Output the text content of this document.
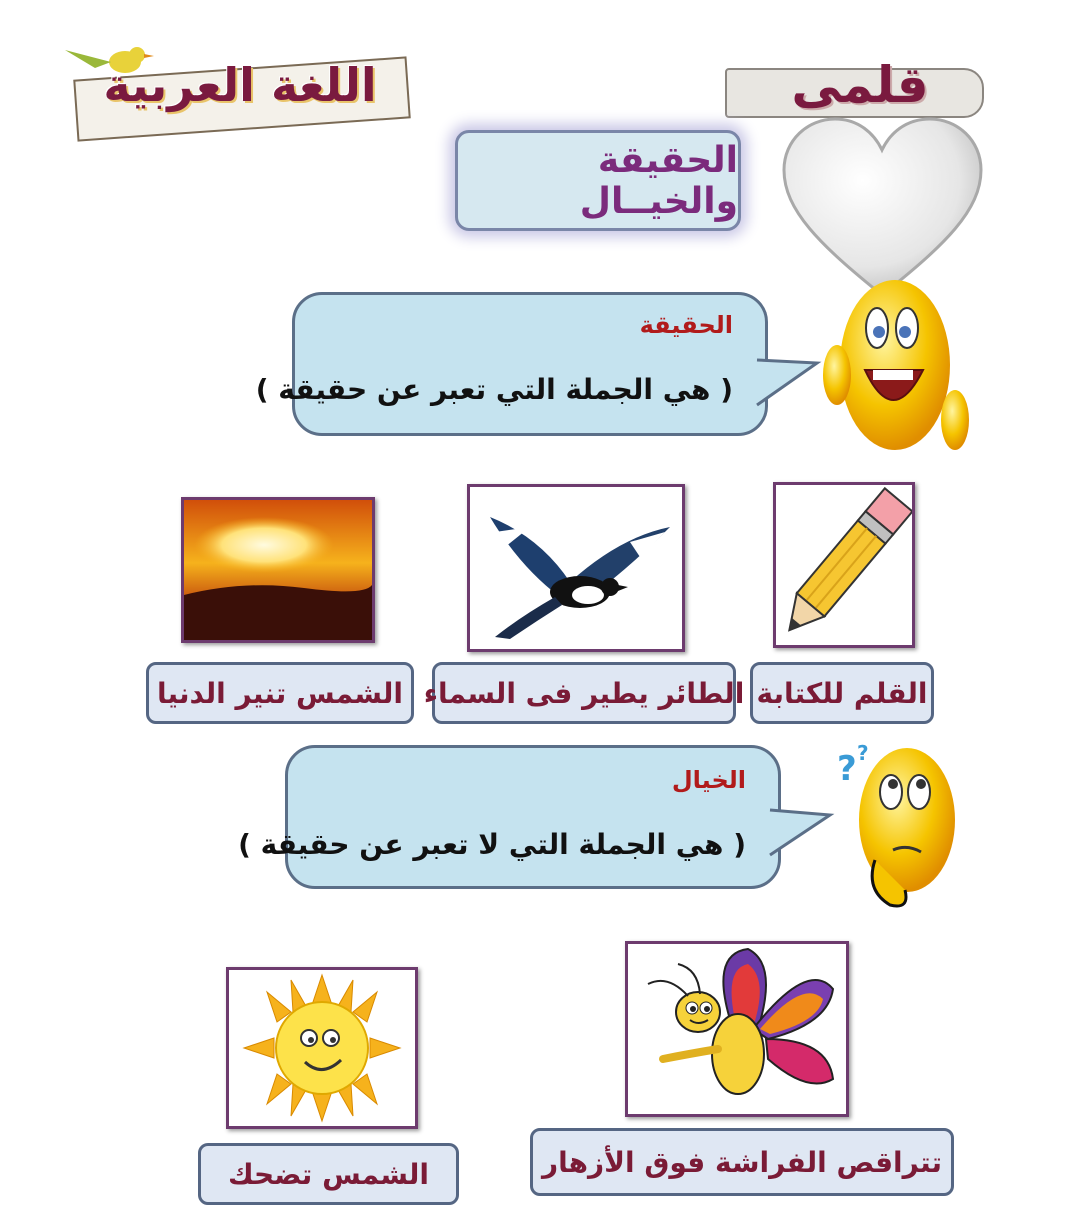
اللغة العربية	قلمى
الحقيقة والخيــال
الحقيقة
( هي الجملة التي تعبر عن حقيقة )
القلم للكتابة
الطائر يطير فى السماء
الشمس تنير الدنيا
الخيال
( هي الجملة التي لا تعبر عن حقيقة )
? ?
تتراقص الفراشة فوق الأزهار
الشمس تضحك
